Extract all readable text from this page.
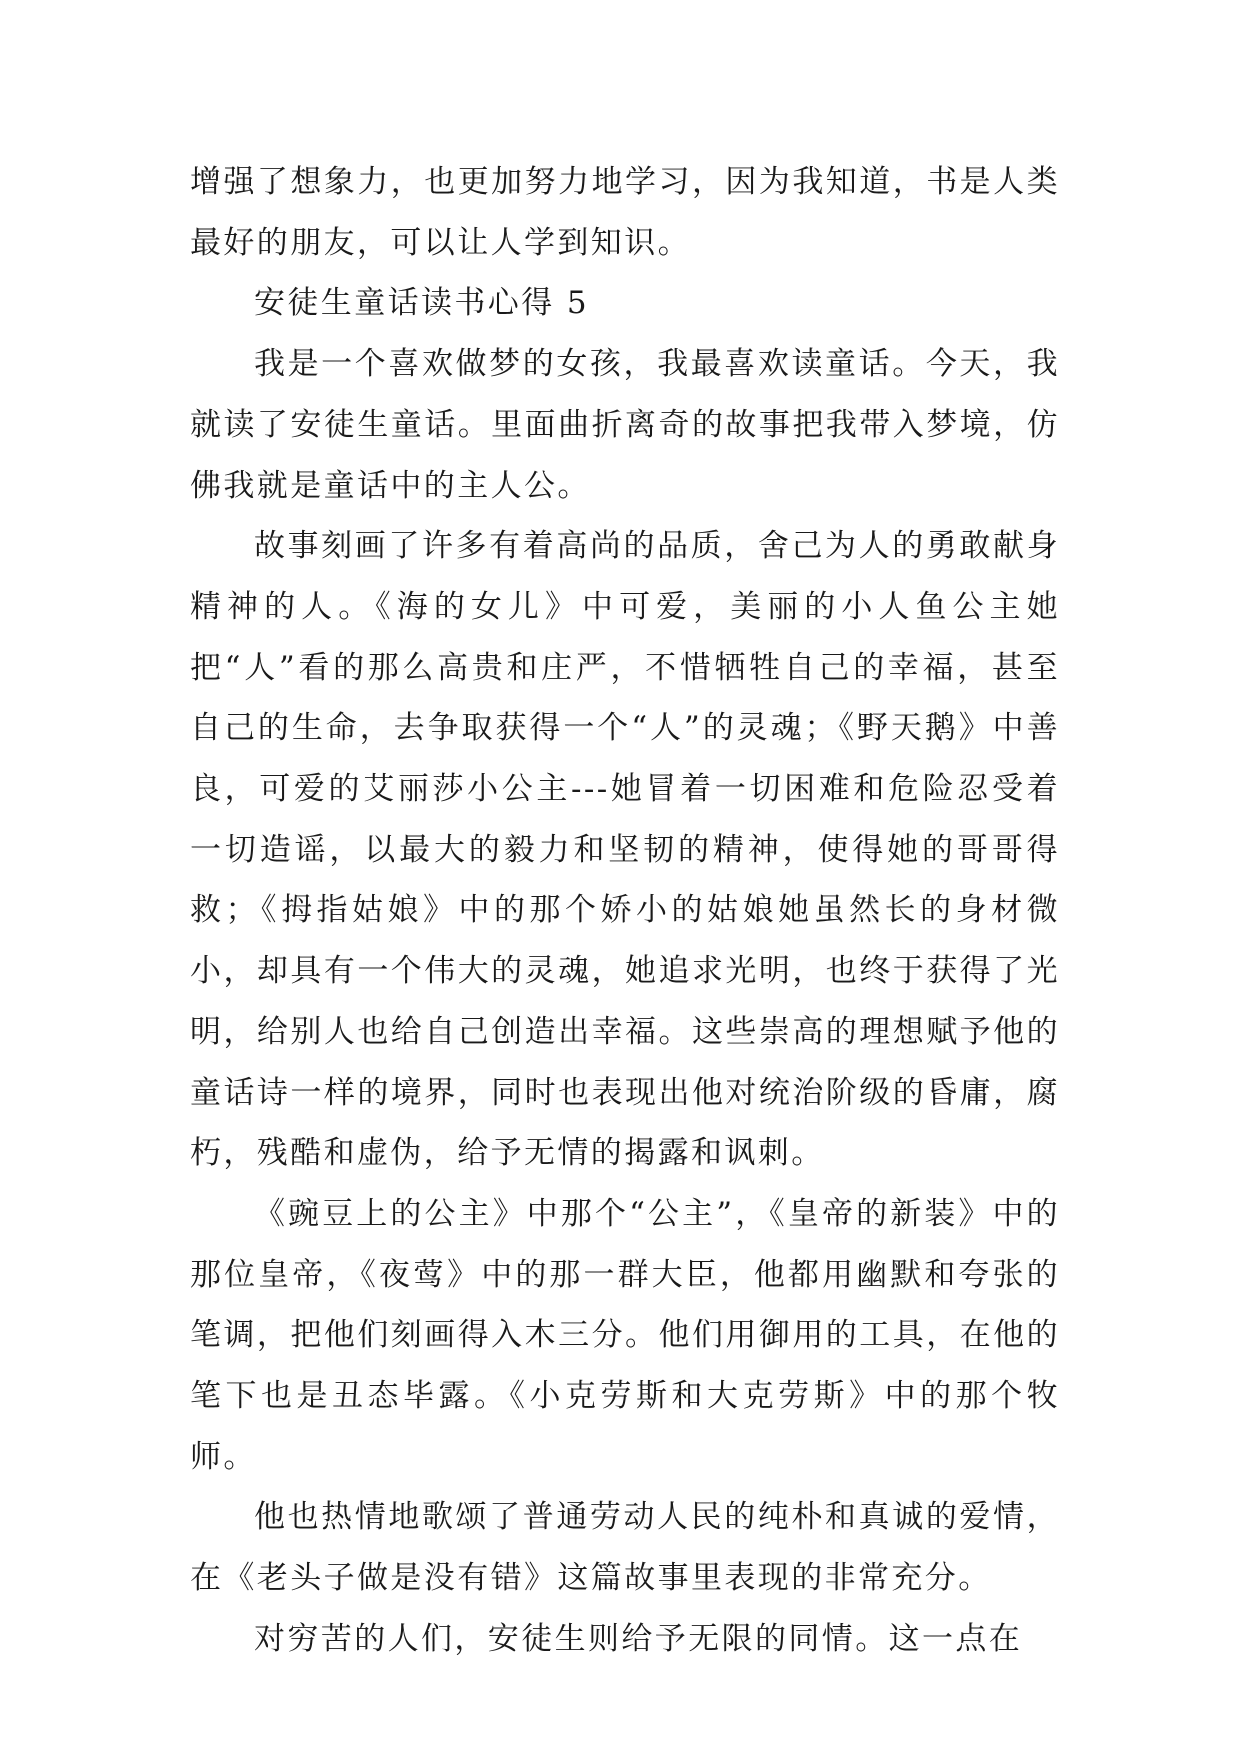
增强了想象力，也更加努力地学习，因为我知道，书是人类最好的朋友，可以让人学到知识。

安徒生童话读书心得 5

我是一个喜欢做梦的女孩，我最喜欢读童话。今天，我就读了安徒生童话。里面曲折离奇的故事把我带入梦境，仿佛我就是童话中的主人公。

故事刻画了许多有着高尚的品质，舍己为人的勇敢献身精神的人。《海的女儿》中可爱，美丽的小人鱼公主她把“人”看的那么高贵和庄严，不惜牺牲自己的幸福，甚至自己的生命，去争取获得一个“人”的灵魂；《野天鹅》中善良，可爱的艾丽莎小公主---她冒着一切困难和危险忍受着一切造谣，以最大的毅力和坚韧的精神，使得她的哥哥得救；《拇指姑娘》中的那个娇小的姑娘她虽然长的身材微小，却具有一个伟大的灵魂，她追求光明，也终于获得了光明，给别人也给自己创造出幸福。这些崇高的理想赋予他的童话诗一样的境界，同时也表现出他对统治阶级的昏庸，腐朽，残酷和虚伪，给予无情的揭露和讽刺。

《豌豆上的公主》中那个“公主”，《皇帝的新装》中的那位皇帝，《夜莺》中的那一群大臣，他都用幽默和夸张的笔调，把他们刻画得入木三分。他们用御用的工具，在他的笔下也是丑态毕露。《小克劳斯和大克劳斯》中的那个牧师。

他也热情地歌颂了普通劳动人民的纯朴和真诚的爱情，在《老头子做是没有错》这篇故事里表现的非常充分。

对穷苦的人们，安徒生则给予无限的同情。这一点在
